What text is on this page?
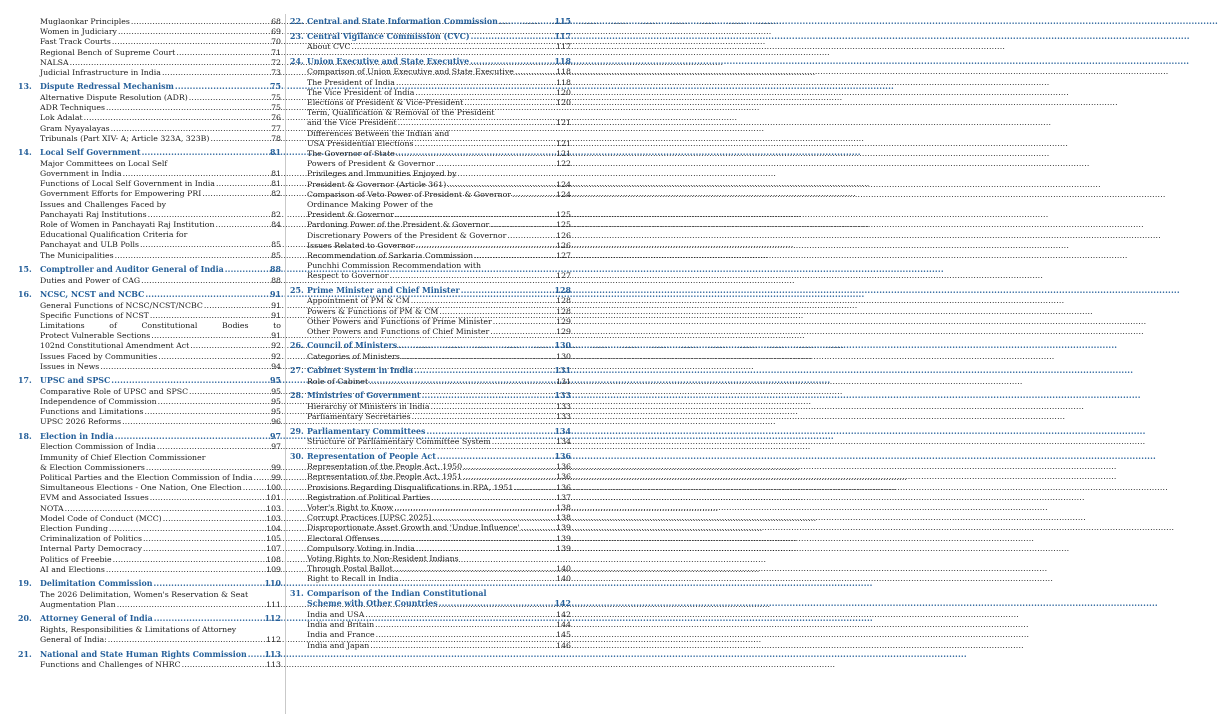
Muglaonkar Principles .....	68
Women in Judiciary .....	69
Fast Track Courts .....	70
Regional Bench of Supreme Court .....	71
NALSA .....	72
Judicial Infrastructure in India .....	73
13.	Dispute Redressal Mechanism .....	75
Alternative Dispute Resolution (ADR) .....	75
ADR Techniques .....	75
Lok Adalat .....	76
Gram Nyayalayas .....	77
Tribunals (Part XIV- A; Article 323A, 323B) .....	78
14.	Local Self Government .....	81
Major Committees on Local Self
Government in India .....	81
Functions of Local Self Government in India .....	81
Government Efforts for Empowering PRI .....	82
Issues and Challenges Faced by
Panchayati Raj Institutions .....	82
Role of Women in Panchayati Raj Institution .....	84
Educational Qualification Criteria for
Panchayat and ULB Polls .....	85
The Municipalities .....	85
15.	Comptroller and Auditor General of India .....	88
Duties and Power of CAG .....	88
16.	NCSC, NCST and NCBC .....	91
General Functions of NCSC/NCST/NCBC .....	91
Specific Functions of NCST .....	91
Limitations	of	Constitutional	Bodies	to
Protect Vulnerable Sections .....	91
102nd Constitutional Amendment Act .....	92
Issues Faced by Communities .....	92
Issues in News .....	94
17.	UPSC and SPSC .....	95
Comparative Role of UPSC and SPSC .....	95
Independence of Commission .....	95
Functions and Limitations .....	95
UPSC 2026 Reforms .....	96
18.	Election in India .....	97
Election Commission of India .....	97
Immunity of Chief Election Commissioner
& Election Commissioners .....	99
Political Parties and the Election Commission of India ..... 99
Simultaneous Elections - One Nation, One Election .....	100
EVM and Associated Issues .....	101
NOTA .....	103
Model Code of Conduct (MCC) .....	103
Election Funding .....	104
Criminalization of Politics .....	105
Internal Party Democracy .....	107
Politics of Freebie .....	108
AI and Elections .....	109
19.	Delimitation Commission .....	110
The 2026 Delimitation, Women's Reservation & Seat
Augmentation Plan .....	111
20.	Attorney General of India .....	112
Rights, Responsibilities & Limitations of Attorney
General of India: .....	112
21.	National and State Human Rights Commission ..... 113
Functions and Challenges of NHRC .....	113
22. Central and State Information Commission .....	115
23. Central Vigilance Commission (CVC) .....	117
About CVC .....	117
24. Union Executive and State Executive .....	118
Comparison of Union Executive and State Executive .....	118
The President of India .....	118
The Vice President of India .....	120
Elections of President & Vice-President .....	120
Term, Qualification & Removal of the President
and the Vice President .....	121
Differences Between the Indian and
USA Presidential Elections .....	121
The Governor of State .....	121
Powers of President & Governor .....	122
Privileges and Immunities Enjoyed by
President & Governor (Article 361) .....	124
Comparison of Veto Power of President & Governor .....	124
Ordinance Making Power of the
President & Governor .....	125
Pardoning Power of the President & Governor .....	125
Discretionary Powers of the President & Governor .....	126
Issues Related to Governor .....	126
Recommendation of Sarkaria Commission .....	127
Punchhi Commission Recommendation with
Respect to Governor .....	127
25. Prime Minister and Chief Minister .....	128
Appointment of PM & CM .....	128
Powers & Functions of PM & CM .....	128
Other Powers and Functions of Prime Minister .....	129
Other Powers and Functions of Chief Minister .....	129
26. Council of Ministers .....	130
Categories of Ministers .....	130
27. Cabinet System in India .....	131
Role of Cabinet .....	131
28. Ministries of Government .....	133
Hierarchy of Ministers in India .....	133
Parliamentary Secretaries .....	133
29. Parliamentary Committees .....	134
Structure of Parliamentary Committee System .....	134
30. Representation of People Act .....	136
Representation of the People Act, 1950 .....	136
Representation of the People Act, 1951 .....	136
Provisions Regarding Disqualifications in RPA, 1951 .....	136
Registration of Political Parties .....	137
Voter's Right to Know .....	138
Corrupt Practices [UPSC 2025] .....	138
Disproportionate Asset Growth and 'Undue Influence' .....	139
Electoral Offenses .....	139
Compulsory Voting in India .....	139
Voting Rights to Non-Resident Indians
Through Postal Ballot .....	140
Right to Recall in India .....	140
31. Comparison of the Indian Constitutional
Scheme with Other Countries .....	142
India and USA .....	142
India and Britain .....	144
India and France .....	145
India and Japan .....	146
